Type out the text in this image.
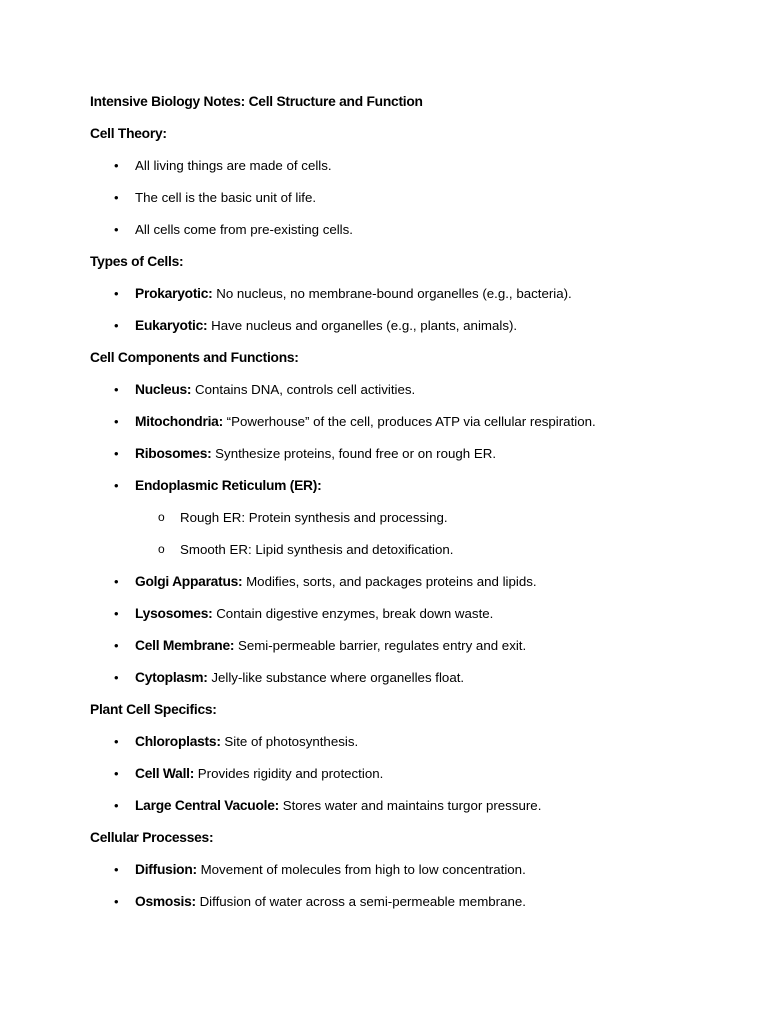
Intensive Biology Notes: Cell Structure and Function
Cell Theory:
• All living things are made of cells.
• The cell is the basic unit of life.
• All cells come from pre-existing cells.
Types of Cells:
• Prokaryotic: No nucleus, no membrane-bound organelles (e.g., bacteria).
• Eukaryotic: Have nucleus and organelles (e.g., plants, animals).
Cell Components and Functions:
• Nucleus: Contains DNA, controls cell activities.
• Mitochondria: “Powerhouse” of the cell, produces ATP via cellular respiration.
• Ribosomes: Synthesize proteins, found free or on rough ER.
• Endoplasmic Reticulum (ER):
o Rough ER: Protein synthesis and processing.
o Smooth ER: Lipid synthesis and detoxification.
• Golgi Apparatus: Modifies, sorts, and packages proteins and lipids.
• Lysosomes: Contain digestive enzymes, break down waste.
• Cell Membrane: Semi-permeable barrier, regulates entry and exit.
• Cytoplasm: Jelly-like substance where organelles float.
Plant Cell Specifics:
• Chloroplasts: Site of photosynthesis.
• Cell Wall: Provides rigidity and protection.
• Large Central Vacuole: Stores water and maintains turgor pressure.
Cellular Processes:
• Diffusion: Movement of molecules from high to low concentration.
• Osmosis: Diffusion of water across a semi-permeable membrane.
